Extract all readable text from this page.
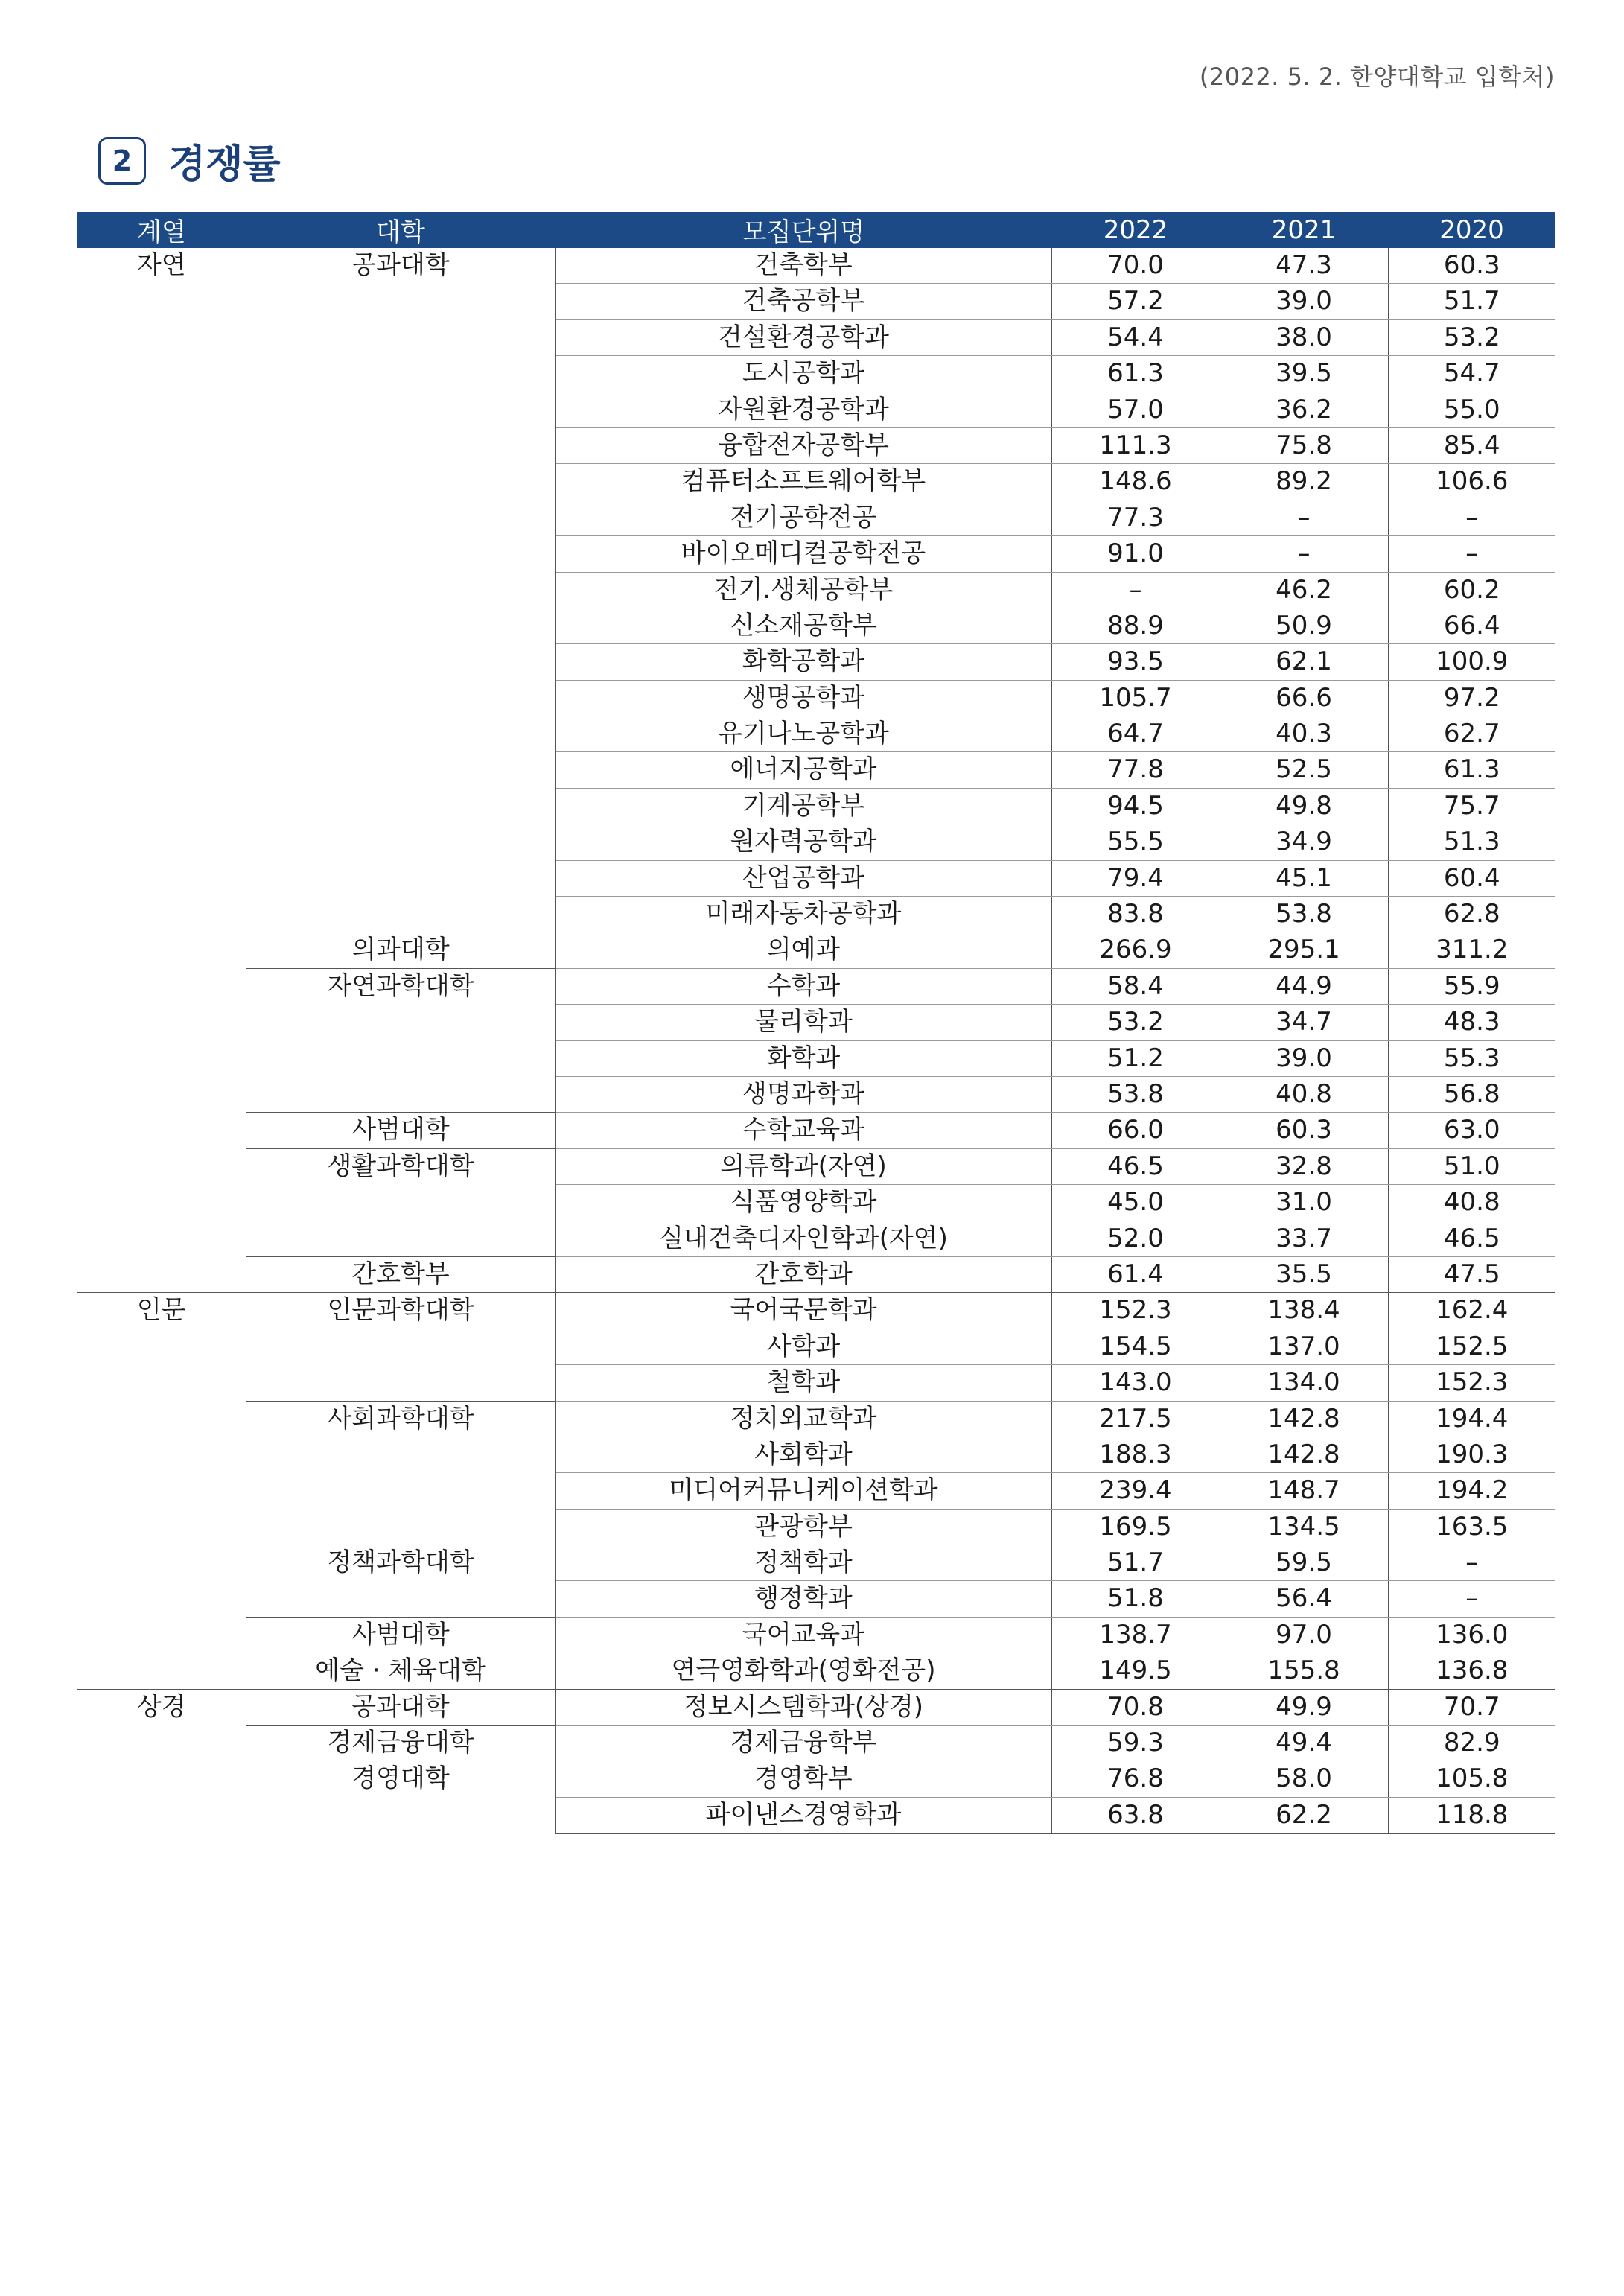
(2022. 5. 2. 한양대학교 입학처)
2 경쟁률
계열	대학	모집단위명	2022	2021	2020
자연	공과대학	건축학부	70.0	47.3	60.3
		건축공학부	57.2	39.0	51.7
		건설환경공학과	54.4	38.0	53.2
		도시공학과	61.3	39.5	54.7
		자원환경공학과	57.0	36.2	55.0
		융합전자공학부	111.3	75.8	85.4
		컴퓨터소프트웨어학부	148.6	89.2	106.6
		전기공학전공	77.3	–	–
		바이오메디컬공학전공	91.0	–	–
		전기.생체공학부	–	46.2	60.2
		신소재공학부	88.9	50.9	66.4
		화학공학과	93.5	62.1	100.9
		생명공학과	105.7	66.6	97.2
		유기나노공학과	64.7	40.3	62.7
		에너지공학과	77.8	52.5	61.3
		기계공학부	94.5	49.8	75.7
		원자력공학과	55.5	34.9	51.3
		산업공학과	79.4	45.1	60.4
		미래자동차공학과	83.8	53.8	62.8
	의과대학	의예과	266.9	295.1	311.2
	자연과학대학	수학과	58.4	44.9	55.9
		물리학과	53.2	34.7	48.3
		화학과	51.2	39.0	55.3
		생명과학과	53.8	40.8	56.8
	사범대학	수학교육과	66.0	60.3	63.0
	생활과학대학	의류학과(자연)	46.5	32.8	51.0
		식품영양학과	45.0	31.0	40.8
		실내건축디자인학과(자연)	52.0	33.7	46.5
	간호학부	간호학과	61.4	35.5	47.5
인문	인문과학대학	국어국문학과	152.3	138.4	162.4
		사학과	154.5	137.0	152.5
		철학과	143.0	134.0	152.3
	사회과학대학	정치외교학과	217.5	142.8	194.4
		사회학과	188.3	142.8	190.3
		미디어커뮤니케이션학과	239.4	148.7	194.2
		관광학부	169.5	134.5	163.5
	정책과학대학	정책학과	51.7	59.5	–
		행정학과	51.8	56.4	–
	사범대학	국어교육과	138.7	97.0	136.0
	예술 · 체육대학	연극영화학과(영화전공)	149.5	155.8	136.8
상경	공과대학	정보시스템학과(상경)	70.8	49.9	70.7
	경제금융대학	경제금융학부	59.3	49.4	82.9
	경영대학	경영학부	76.8	58.0	105.8
		파이낸스경영학과	63.8	62.2	118.8
